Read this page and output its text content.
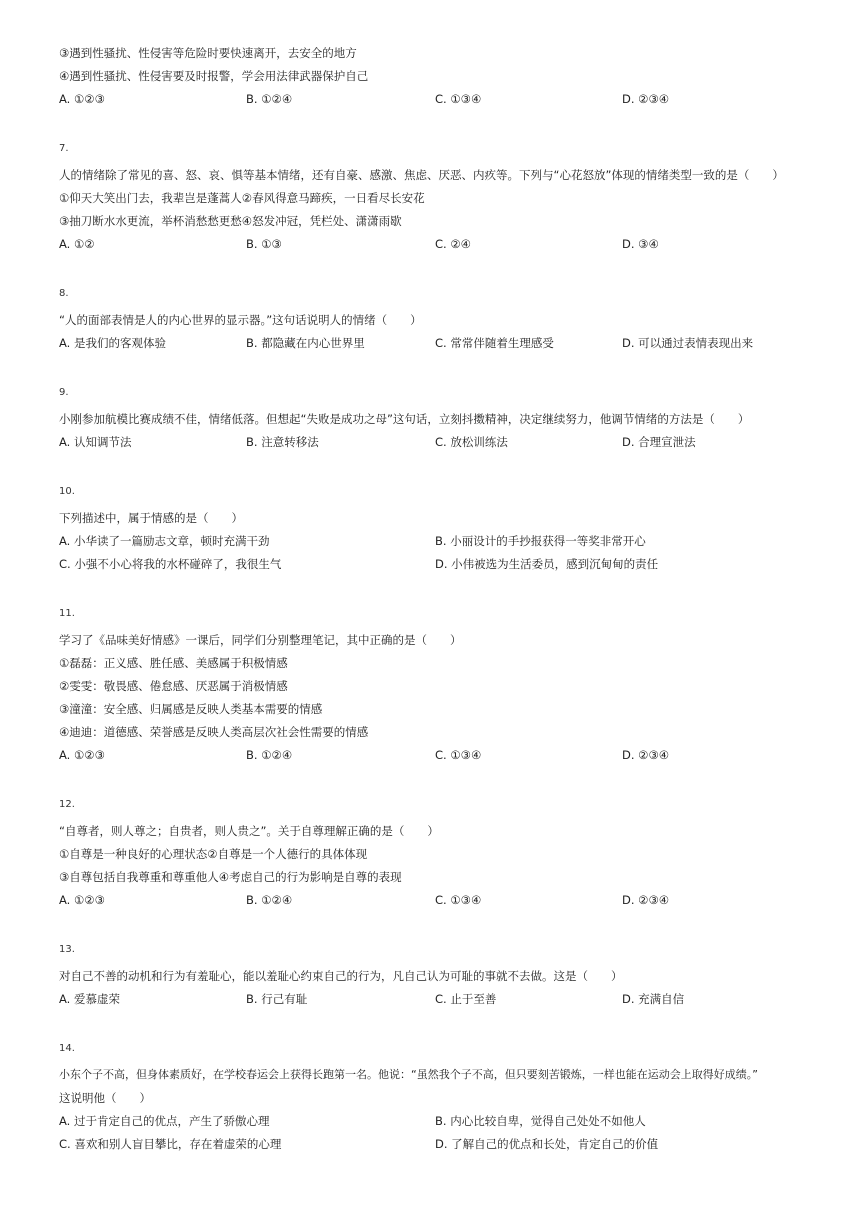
③遇到性骚扰、性侵害等危险时要快速离开，去安全的地方
④遇到性骚扰、性侵害要及时报警，学会用法律武器保护自己
A. ①②③	B. ①②④	C. ①③④	D. ②③④
7.
人的情绪除了常见的喜、怒、哀、惧等基本情绪，还有自豪、感激、焦虑、厌恶、内疚等。下列与“心花怒放”体现的情绪类型一致的是（　　）
①仰天大笑出门去，我辈岂是蓬蒿人②春风得意马蹄疾，一日看尽长安花
③抽刀断水水更流，举杯消愁愁更愁④怒发冲冠，凭栏处、潇潇雨歇
A. ①②	B. ①③	C. ②④	D. ③④
8.
“人的面部表情是人的内心世界的显示器。”这句话说明人的情绪（　　）
A. 是我们的客观体验	B. 都隐藏在内心世界里	C. 常常伴随着生理感受	D. 可以通过表情表现出来
9.
小刚参加航模比赛成绩不佳，情绪低落。但想起“失败是成功之母”这句话，立刻抖擞精神，决定继续努力，他调节情绪的方法是（　　）
A. 认知调节法	B. 注意转移法	C. 放松训练法	D. 合理宣泄法
10.
下列描述中，属于情感的是（　　）
A. 小华读了一篇励志文章，顿时充满干劲	B. 小丽设计的手抄报获得一等奖非常开心
C. 小强不小心将我的水杯碰碎了，我很生气	D. 小伟被选为生活委员，感到沉甸甸的责任
11.
学习了《品味美好情感》一课后，同学们分别整理笔记，其中正确的是（　　）
①磊磊：正义感、胜任感、美感属于积极情感
②雯雯：敬畏感、倦怠感、厌恶属于消极情感
③潼潼：安全感、归属感是反映人类基本需要的情感
④迪迪：道德感、荣誉感是反映人类高层次社会性需要的情感
A. ①②③	B. ①②④	C. ①③④	D. ②③④
12.
“自尊者，则人尊之；自贵者，则人贵之”。关于自尊理解正确的是（　　）
①自尊是一种良好的心理状态②自尊是一个人德行的具体体现
③自尊包括自我尊重和尊重他人④考虑自己的行为影响是自尊的表现
A. ①②③	B. ①②④	C. ①③④	D. ②③④
13.
对自己不善的动机和行为有羞耻心，能以羞耻心约束自己的行为，凡自己认为可耻的事就不去做。这是（　　）
A. 爱慕虚荣	B. 行己有耻	C. 止于至善	D. 充满自信
14.
小东个子不高，但身体素质好，在学校春运会上获得长跑第一名。他说：“虽然我个子不高，但只要刻苦锻炼，一样也能在运动会上取得好成绩。”
这说明他（　　）
A. 过于肯定自己的优点，产生了骄傲心理	B. 内心比较自卑，觉得自己处处不如他人
C. 喜欢和别人盲目攀比，存在着虚荣的心理	D. 了解自己的优点和长处，肯定自己的价值
